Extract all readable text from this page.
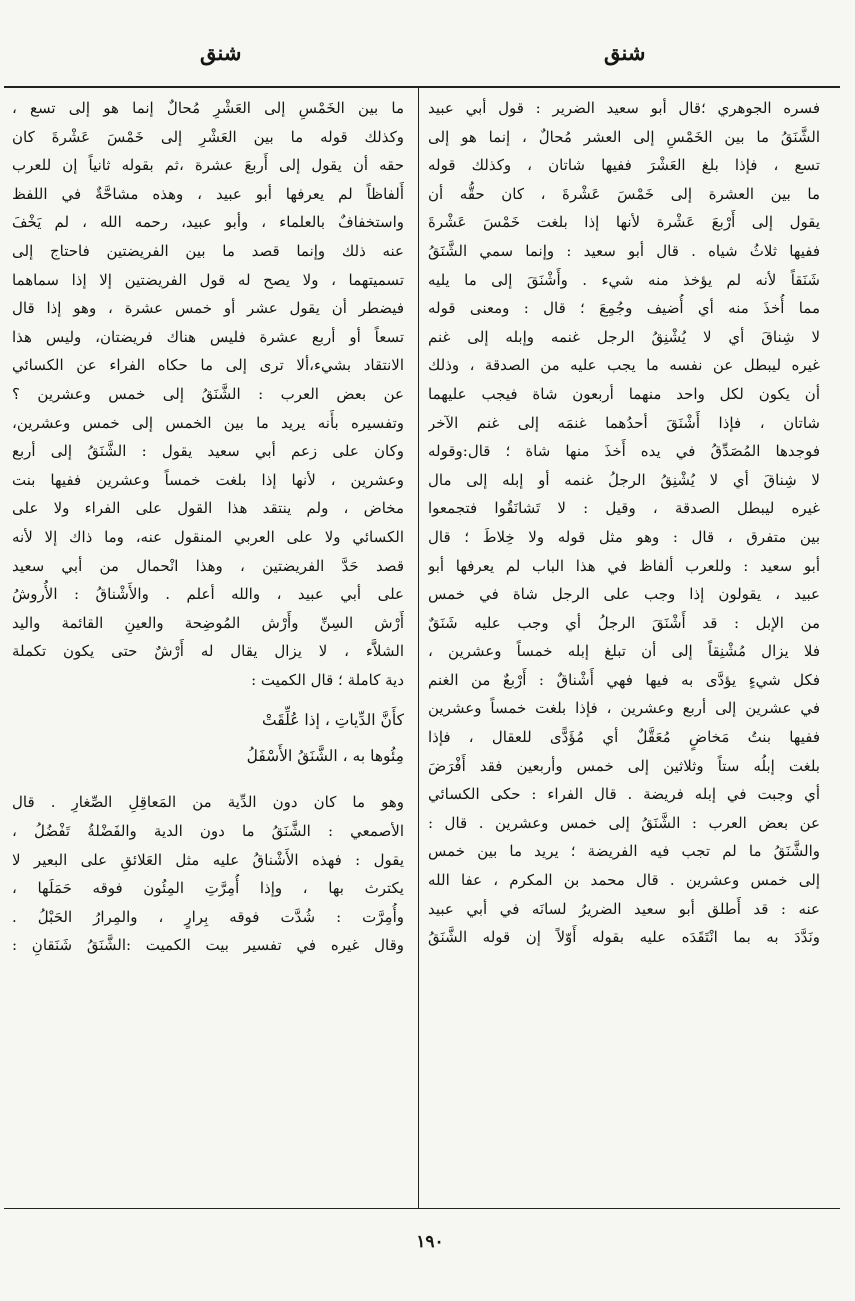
شنق
شنق

فسره الجوهري ؛قال أبو سعيد الضرير : قول أبي عبيد
الشَّنَقُ ما بين الخَمْسِ إلى العشر مُحالٌ ، إنما هو إلى
تسع ، فإذا بلغ العَشْرَ ففيها شاتان ، وكذلك قوله
ما بين العشرة إلى خَمْسَ عَشْرةَ ، كان حقُّه أن
يقول إلى أَرْبعَ عَشْرة لأنها إذا بلغت خَمْسَ عَشْرةَ
ففيها ثلاثُ شياه . قال أبو سعيد : وإنما سمي الشَّنَقُ
شَنَقاً لأنه لم يؤخذ منه شيء . وأَشْنَقَ إلى ما يليه
مما أُخذَ منه أي أُضيف وجُمِعَ ؛ قال : ومعنى قوله
لا شِناقَ أي لا يُشْنِقُ الرجل غنمه وإبله إلى غنم
غيره ليبطل عن نفسه ما يجب عليه من الصدقة ، وذلك
أن يكون لكل واحد منهما أربعون شاة فيجب عليهما
شاتان ، فإذا أَشْنَقَ أحدُهما غنمَه إلى غنم الآخر
فوجدها المُصَدِّقُ في يده أَخذَ منها شاة ؛ قال:وقوله
لا شِناقَ أي لا يُشْنِقُ الرجلُ غنمه أو إبله إلى مال
غيره ليبطل الصدقة ، وقيل : لا تَشانَقُوا فتجمعوا
بين متفرق ، قال : وهو مثل قوله ولا خِلاطَ ؛ قال
أبو سعيد : وللعرب ألفاظ في هذا الباب لم يعرفها أبو
عبيد ، يقولون إذا وجب على الرجل شاة في خمس
من الإبل : قد أَشْنَقَ الرجلُ أي وجب عليه شَنَقٌ
فلا يزال مُشْنِقاً إلى أن تبلغ إبله خمساً وعشرين ،
فكل شيءٍ يؤدَّى به فيها فهي أَشْناقٌ : أَرْبعٌ من الغنم
في عشرين إلى أربع وعشرين ، فإذا بلغت خمساً وعشرين
ففيها بنتُ مَخاضٍ مُعَقَّلٌ أي مُؤَدًّى للعقال ، فإذا
بلغت إبلُه ستاً وثلاثين إلى خمس وأربعين فقد أَفْرَضَ
أي وجبت في إبله فريضة . قال الفراء : حكى الكسائي
عن بعض العرب : الشَّنَقُ إلى خمس وعشرين . قال :
والشَّنَقُ ما لم تجب فيه الفريضة ؛ يريد ما بين خمس
إلى خمس وعشرين . قال محمد بن المكرم ، عفا الله
عنه : قد أَطلق أبو سعيد الضريرُ لسانَه في أبي عبيد
ونَدَّدَ به بما انْتَقَدَه عليه بقوله أَوّلاً إن قوله الشَّنَقُ

ما بين الخَمْسِ إلى العَشْرِ مُحالٌ إنما هو إلى تسع ،
وكذلك قوله ما بين العَشْرِ إلى خَمْسَ عَشْرةَ كان
حقه أن يقول إلى أَربعَ عشرة ،ثم بقوله ثانياً إن للعرب
أَلفاظاً لم يعرفها أبو عبيد ، وهذه مشاحَّةٌ في اللفظ
واستخفافٌ بالعلماء ، وأبو عبيد، رحمه الله ، لم يَخْفَ
عنه ذلك وإنما قصد ما بين الفريضتين فاحتاج إلى
تسميتهما ، ولا يصح له قول الفريضتين إلا إذا سماهما
فيضطر أن يقول عشر أو خمس عشرة ، وهو إذا قال
تسعاً أو أربع عشرة فليس هناك فريضتان، وليس هذا
الانتقاد بشيء،ألا ترى إلى ما حكاه الفراء عن الكسائي
عن بعض العرب : الشَّنَقُ إلى خمس وعشرين ؟
وتفسيره بأَنه يريد ما بين الخمس إلى خمس وعشرين،
وكان على زعم أبي سعيد يقول : الشَّنَقُ إلى أربع
وعشرين ، لأنها إذا بلغت خمساً وعشرين ففيها بنت
مخاض ، ولم ينتقد هذا القول على الفراء ولا على
الكسائي ولا على العربي المنقول عنه، وما ذاك إلا لأنه
قصد حَدَّ الفريضتين ، وهذا انْحمال من أبي سعيد
على أبي عبيد ، والله أعلم . والأَشْناقُ : الأُروشُ
أَرْش السِنِّ وأَرْش المُوضِحة والعينِ القائمة واليد
الشلاَّء ، لا يزال يقال له أَرْشٌ حتى يكون تكملة
دية كاملة ؛ قال الكميت :

كأَنَّ الدِّياتِ ، إذا عُلِّقَتْ
مِئُوها به ، الشَّنَقُ الأَسْفَلُ

وهو ما كان دون الدِّية من المَعاقِلِ الصِّغارِ . قال
الأصمعي : الشَّنَقُ ما دون الدية والفَضْلةُ تَفْضُلُ ،
يقول : فهذه الأَشْناقُ عليه مثل العَلائقِ على البعير لا
يكترث بها ، وإذا أُمِرَّتِ المِئُون فوقه حَمَلَها ،
وأُمِرَّت : شُدَّت فوقه بِرارٍ ، والمِرارُ الحَبْلُ .
وقال غيره في تفسير بيت الكميت :الشَّنَقُ شَنَقانِ :

١٩٠
